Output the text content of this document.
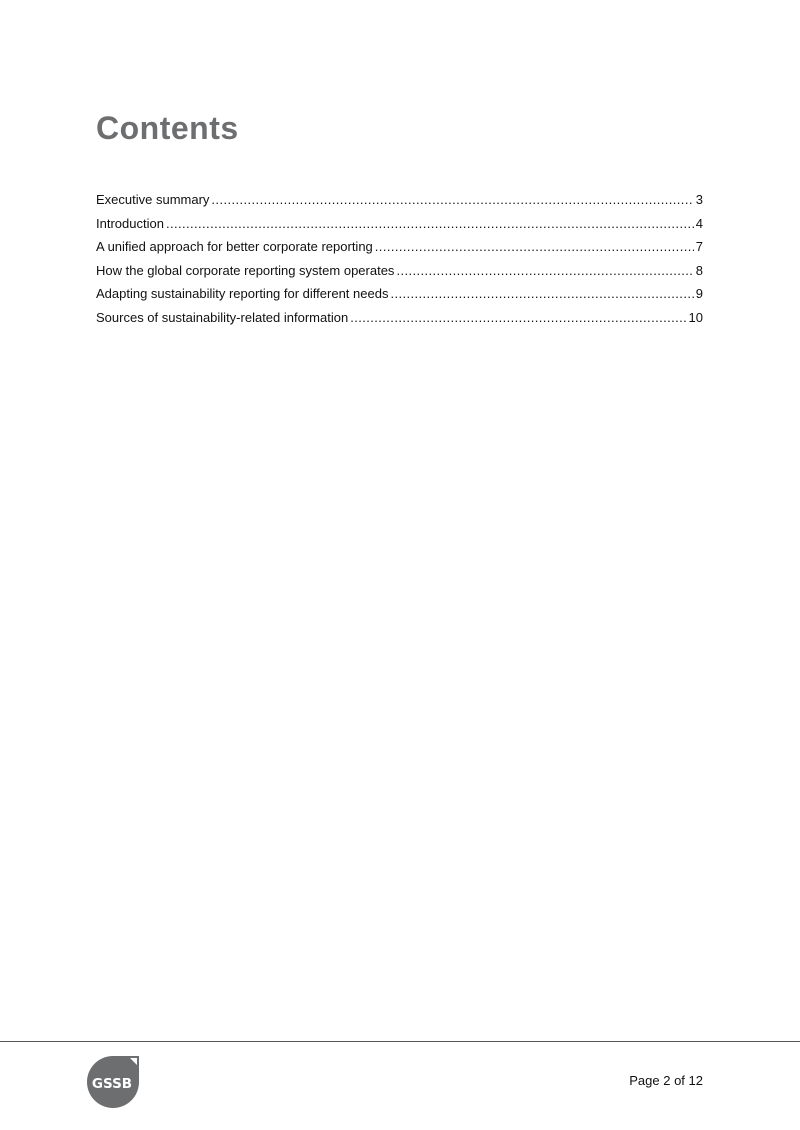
Contents
Executive summary .....	3
Introduction .....	4
A unified approach for better corporate reporting .....	7
How the global corporate reporting system operates .....	8
Adapting sustainability reporting for different needs .....	9
Sources of sustainability-related information .....	10
GSSB	Page 2 of 12
